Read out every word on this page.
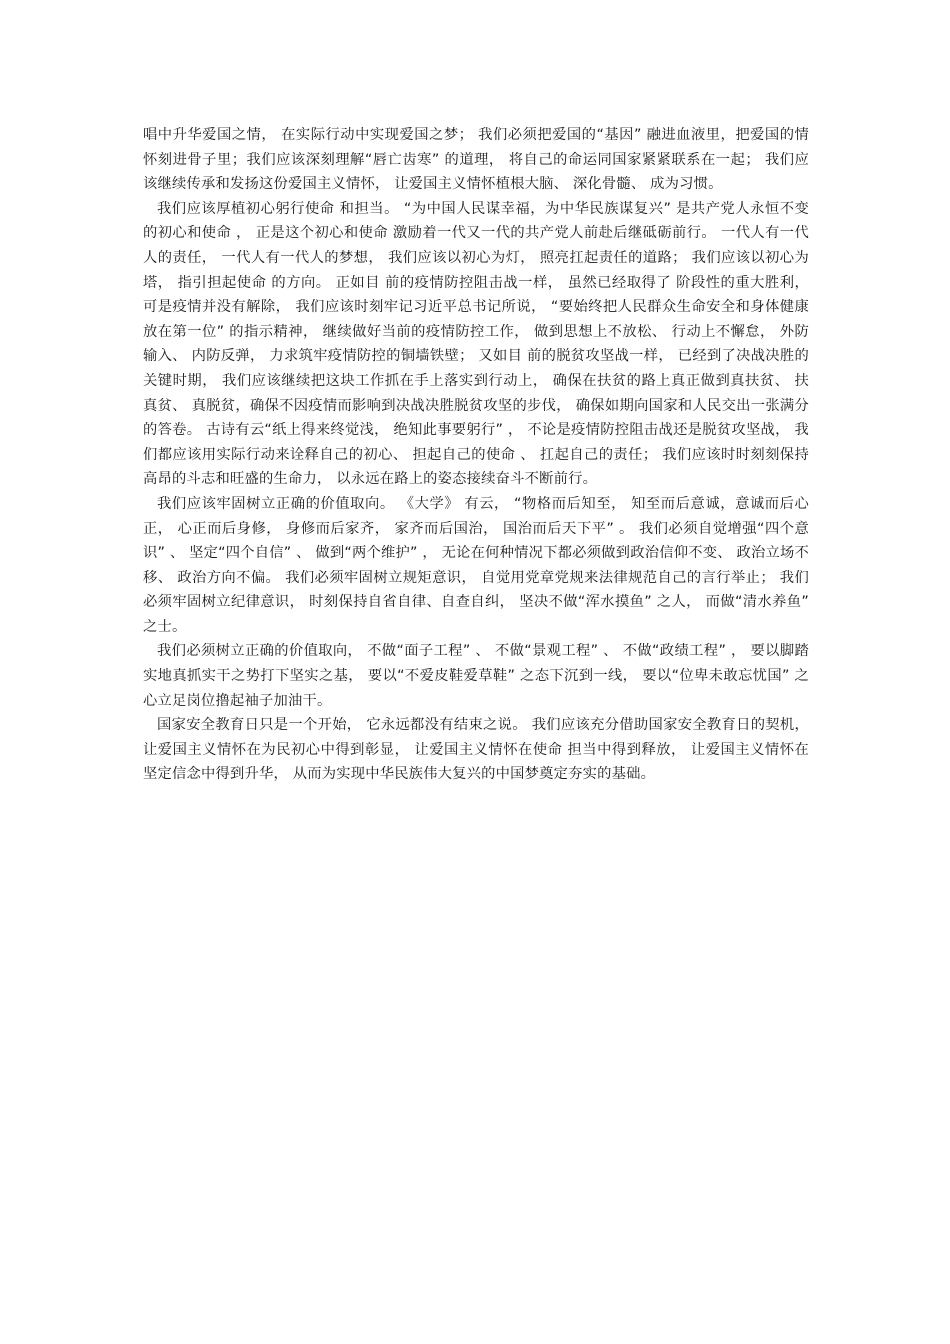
唱中升华爱国之情， 在实际行动中实现爱国之梦； 我们必须把爱国的“基因” 融进血液里，把爱国的情怀刻进骨子里；我们应该深刻理解“唇亡齿寒” 的道理， 将自己的命运同国家紧紧联系在一起； 我们应该继续传承和发扬这份爱国主义情怀， 让爱国主义情怀植根大脑、 深化骨髓、 成为习惯。

我们应该厚植初心躬行使命 和担当。 “为中国人民谋幸福，为中华民族谋复兴” 是共产党人永恒不变的初心和使命 ， 正是这个初心和使命 激励着一代又一代的共产党人前赴后继砥砺前行。 一代人有一代人的责任， 一代人有一代人的梦想， 我们应该以初心为灯， 照亮扛起责任的道路； 我们应该以初心为塔， 指引担起使命 的方向。 正如目 前的疫情防控阻击战一样， 虽然已经取得了 阶段性的重大胜利， 可是疫情并没有解除， 我们应该时刻牢记习近平总书记所说， “要始终把人民群众生命安全和身体健康放在第一位” 的指示精神， 继续做好当前的疫情防控工作， 做到思想上不放松、 行动上不懈怠， 外防输入、 内防反弹， 力求筑牢疫情防控的铜墙铁壁； 又如目 前的脱贫攻坚战一样， 已经到了决战决胜的关键时期， 我们应该继续把这块工作抓在手上落实到行动上， 确保在扶贫的路上真正做到真扶贫、 扶真贫、 真脱贫，确保不因疫情而影响到决战决胜脱贫攻坚的步伐， 确保如期向国家和人民交出一张满分的答卷。 古诗有云“纸上得来终觉浅， 绝知此事要躬行” ， 不论是疫情防控阻击战还是脱贫攻坚战， 我们都应该用实际行动来诠释自己的初心、 担起自己的使命 、 扛起自己的责任； 我们应该时时刻刻保持高昂的斗志和旺盛的生命力， 以永远在路上的姿态接续奋斗不断前行。

我们应该牢固树立正确的价值取向。 《大学》 有云， “物格而后知至， 知至而后意诚，意诚而后心正， 心正而后身修， 身修而后家齐， 家齐而后国治， 国治而后天下平” 。 我们必须自觉增强“四个意识” 、 坚定“四个自信” 、 做到“两个维护” ， 无论在何种情况下都必须做到政治信仰不变、 政治立场不移、 政治方向不偏。 我们必须牢固树立规矩意识， 自觉用党章党规来法律规范自己的言行举止； 我们必须牢固树立纪律意识， 时刻保持自省自律、自查自纠， 坚决不做“浑水摸鱼” 之人， 而做“清水养鱼” 之士。

我们必须树立正确的价值取向， 不做“面子工程” 、 不做“景观工程” 、 不做“政绩工程” ， 要以脚踏实地真抓实干之势打下坚实之基， 要以“不爱皮鞋爱草鞋” 之态下沉到一线， 要以“位卑未敢忘忧国” 之心立足岗位撸起袖子加油干。

国家安全教育日只是一个开始， 它永远都没有结束之说。 我们应该充分借助国家安全教育日的契机， 让爱国主义情怀在为民初心中得到彰显， 让爱国主义情怀在使命 担当中得到释放， 让爱国主义情怀在坚定信念中得到升华， 从而为实现中华民族伟大复兴的中国梦奠定夯实的基础。
